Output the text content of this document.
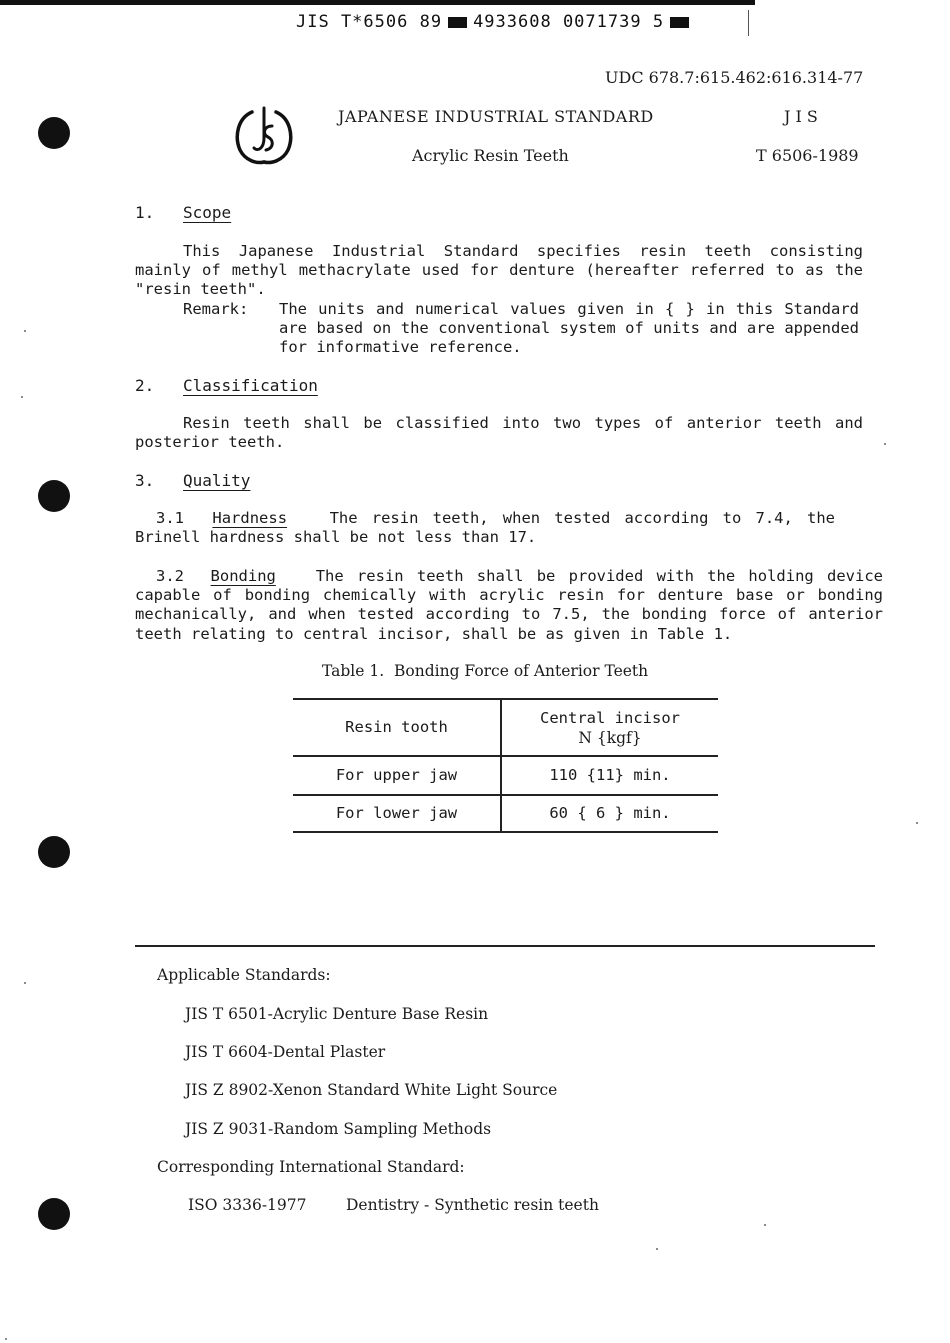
JIS T*6506 89 4933608 0071739 5
UDC 678.7:615.462:616.314-77
JAPANESE INDUSTRIAL STANDARD	J I S
Acrylic Resin Teeth	T 6506-1989
1. Scope
This Japanese Industrial Standard specifies resin teeth consisting mainly of methyl methacrylate used for denture (hereafter referred to as the "resin teeth".
Remark: The units and numerical values given in { } in this Standard are based on the conventional system of units and are appended for informative reference.
2. Classification
Resin teeth shall be classified into two types of anterior teeth and posterior teeth.
3. Quality
3.1 Hardness	The resin teeth, when tested according to 7.4, the Brinell hardness shall be not less than 17.
3.2 Bonding	The resin teeth shall be provided with the holding device capable of bonding chemically with acrylic resin for denture base or bonding mechanically, and when tested according to 7.5, the bonding force of anterior teeth relating to central incisor, shall be as given in Table 1.
Table 1.  Bonding Force of Anterior Teeth
Resin tooth	Central incisor
N {kgf}
For upper jaw	110 {11} min.
For lower jaw	60 { 6 } min.
Applicable Standards:
JIS T 6501-Acrylic Denture Base Resin
JIS T 6604-Dental Plaster
JIS Z 8902-Xenon Standard White Light Source
JIS Z 9031-Random Sampling Methods
Corresponding International Standard:
ISO 3336-1977	Dentistry - Synthetic resin teeth
